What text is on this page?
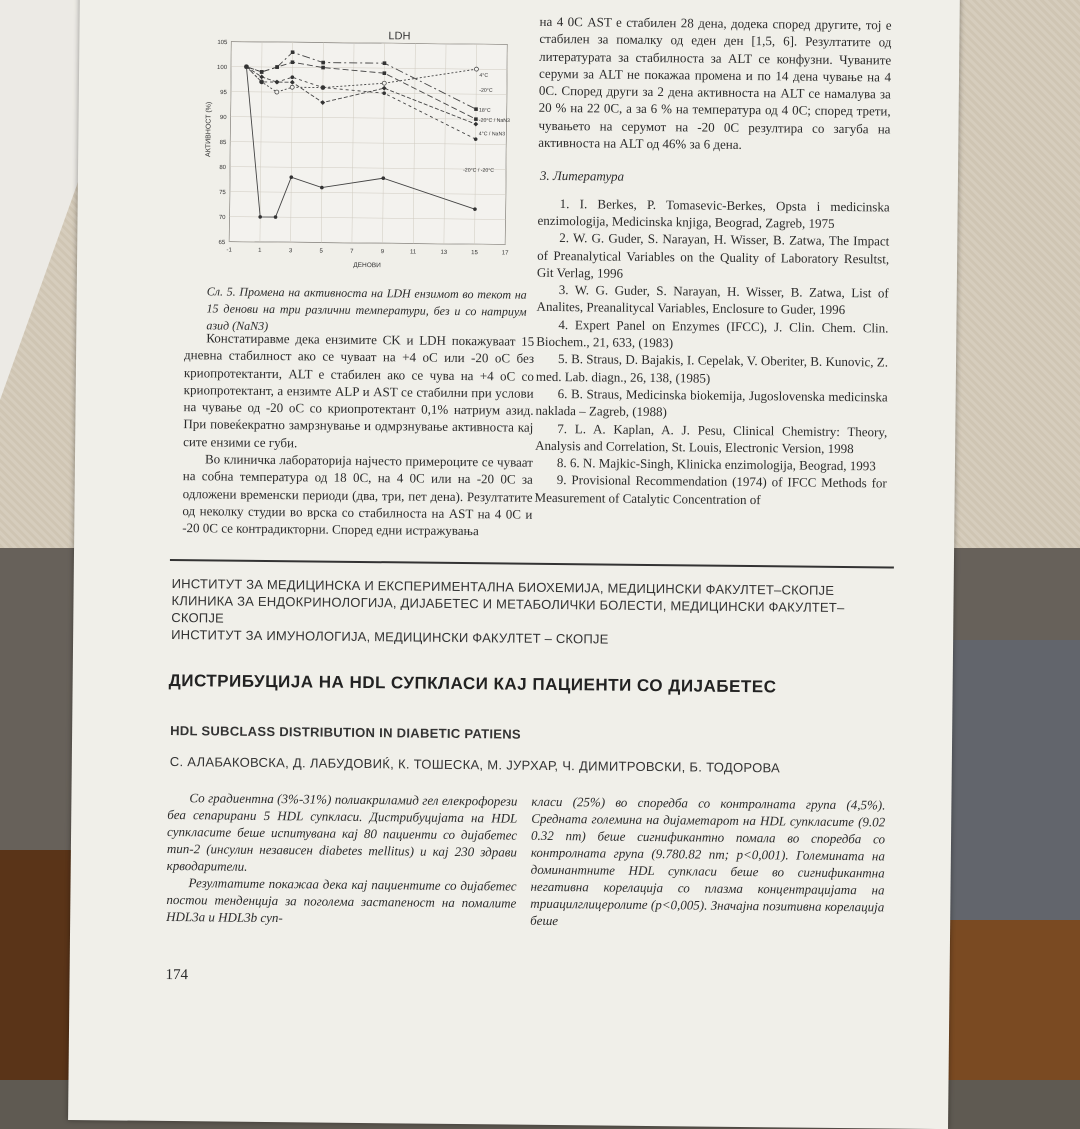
LDH
АКТИВНОСТ (%)
ДЕНОВИ
65
70
75
80
85
90
95
100
105
-1	1	3	5	7	9	11	13	15	17
4°C
-20°C
18°C
-20°C / NaN3
4°C / NaN3
-20°C / -20°C

Сл. 5. Промена на активноста на LDH ензимот во текот на 15 денови на три различни температури, без и со натриум азид (NaN3)

Констатиравме дека ензимите CK и LDH покажуваат 15 дневна стабилност ако се чуваат на +4 оС или -20 оС без криопротектанти, ALT е стабилен ако се чува на +4 оС со криопротектант, а ензимте ALP и AST се стабилни при услови на чување од -20 оС со криопротектант 0,1% натриум азид. При повеќекратно замрзнување и одмрзнување активноста кај сите ензими се губи.

Во клиничка лабораторија најчесто примероците се чуваат на собна температура од 18 0С, на 4 0С или на -20 0С за одложени временски периоди (два, три, пет дена). Резултатите од неколку студии во врска со стабилноста на AST на 4 0С и -20 0С се контрадикторни. Според едни истражувања

на 4 0С AST е стабилен 28 дена, додека според другите, тој е стабилен за помалку од еден ден [1,5, 6]. Резултатите од литературата за стабилноста за ALT се конфузни. Чуваните серуми за ALT не покажаа промена и по 14 дена чување на 4 0С. Според други за 2 дена активноста на ALT се намалува за 20 % на 22 0С, а за 6 % на температура од 4 0С; според трети, чувањето на серумот на -20 0С резултира со загуба на активноста на ALT од 46% за 6 дена.

3. Литература

1. I. Berkes, P. Tomasevic-Berkes, Opsta i medicinska enzimologija, Medicinska knjiga, Beograd, Zagreb, 1975

2. W. G. Guder, S. Narayan, H. Wisser, B. Zatwa, The Impact of Preanalytical Variables on the Quality of Laboratory Resultst, Git Verlag, 1996

3. W. G. Guder, S. Narayan, H. Wisser, B. Zatwa, List of Analites, Preanalitycal Variables, Enclosure to Guder, 1996

4. Expert Panel on Enzymes (IFCC), J. Clin. Chem. Clin. Biochem., 21, 633, (1983)

5. B. Straus, D. Bajakis, I. Cepelak, V. Oberiter, B. Kunovic, Z. med. Lab. diagn., 26, 138, (1985)

6. B. Straus, Medicinska biokemija, Jugoslovenska medicinska naklada – Zagreb, (1988)

7. L. A. Kaplan, A. J. Pesu, Clinical Chemistry: Theory, Analysis and Correlation, St. Louis, Electronic Version, 1998

8. 6. N. Majkic-Singh, Klinicka enzimologija, Beograd, 1993

9. Provisional Recommendation (1974) of IFCC Methods for Measurement of Catalytic Concentration of

ИНСТИТУТ ЗА МЕДИЦИНСКА И ЕКСПЕРИМЕНТАЛНА БИОХЕМИЈА, МЕДИЦИНСКИ ФАКУЛТЕТ–СКОПЈЕ

КЛИНИКА ЗА ЕНДОКРИНОЛОГИЈА, ДИЈАБЕТЕС И МЕТАБОЛИЧКИ БОЛЕСТИ, МЕДИЦИНСКИ ФАКУЛТЕТ–СКОПЈЕ

ИНСТИТУТ ЗА ИМУНОЛОГИЈА, МЕДИЦИНСКИ ФАКУЛТЕТ – СКОПЈЕ

ДИСТРИБУЦИЈА НА HDL СУПКЛАСИ КАЈ ПАЦИЕНТИ СО ДИЈАБЕТЕС
HDL SUBCLASS DISTRIBUTION IN DIABETIC PATIENS

С. АЛАБАКОВСКА, Д. ЛАБУДОВИЌ, К. ТОШЕСКА, М. ЈУРХАР, Ч. ДИМИТРОВСКИ, Б. ТОДОРОВА

Со градиентна (3%-31%) полиакриламид гел елекрофорези беа сепарирани 5 HDL супкласи. Дистрибуцијата на HDL супкласите беше испитувана кај 80 пациенти со дијабетес тип-2 (инсулин независен diabetes mellitus) и кај 230 здрави крводарители.

Резултатите покажаа дека кај пациентите со дијабетес постои тенденција за поголема застапеност на помалите HDL3a и HDL3b суп-

класи (25%) во споредба со контролната група (4,5%). Средната големина на дијаметарот на HDL супкласите (9.02 0.32 nm) беше сигнификантно помала во споредба со контролната група (9.780.82 nm; p<0,001). Големината на доминантните HDL супкласи беше во сигнификантна негативна корелација со плазма концентрацијата на триацилглицеролите (p<0,005). Значајна позитивна корелација беше

174
